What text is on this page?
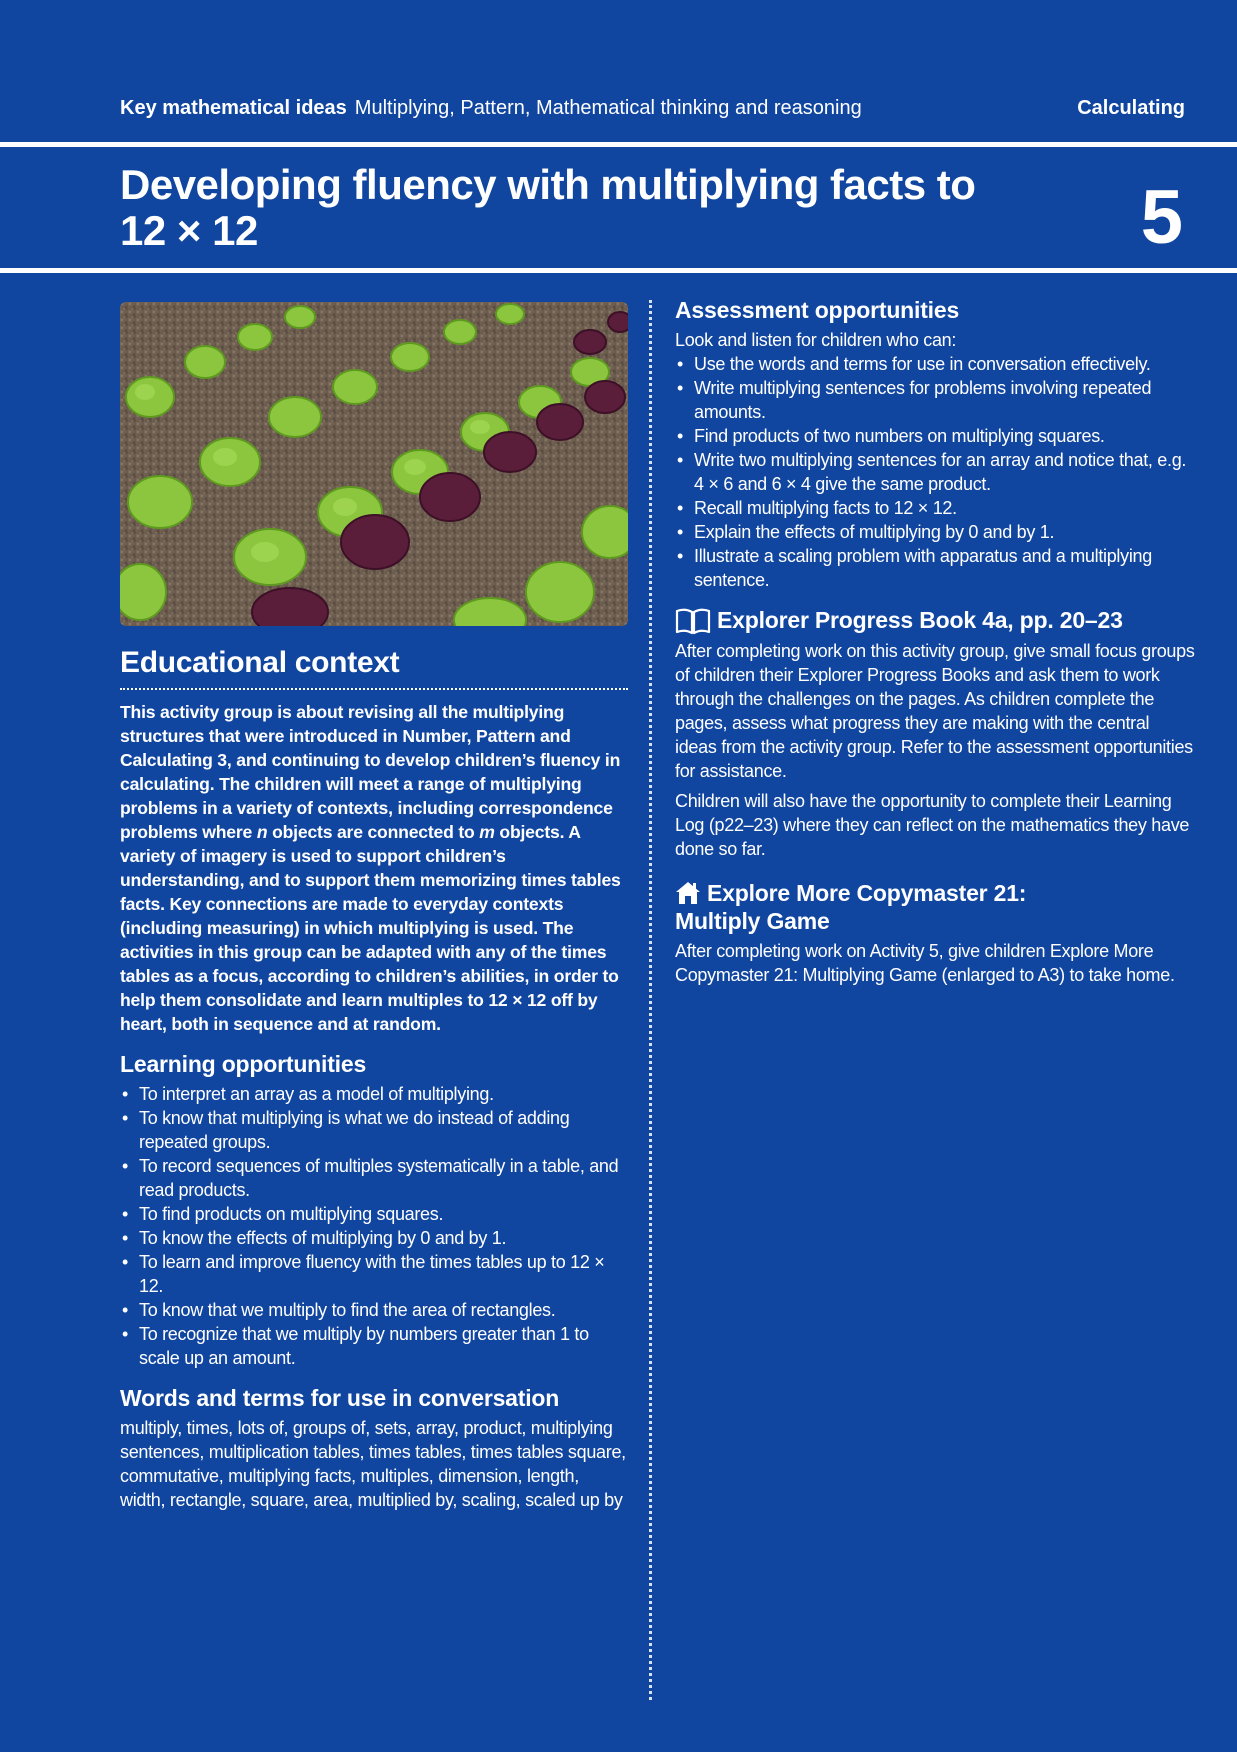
Key mathematical ideas Multiplying, Pattern, Mathematical thinking and reasoning	Calculating
Developing fluency with multiplying facts to
12 × 12	5
Educational context

This activity group is about revising all the multiplying structures that were introduced in Number, Pattern and Calculating 3, and continuing to develop children’s fluency in calculating. The children will meet a range of multiplying problems in a variety of contexts, including correspondence problems where n objects are connected to m objects. A variety of imagery is used to support children’s understanding, and to support them memorizing times tables facts. Key connections are made to everyday contexts (including measuring) in which multiplying is used. The activities in this group can be adapted with any of the times tables as a focus, according to children’s abilities, in order to help them consolidate and learn multiples to 12 × 12 off by heart, both in sequence and at random.

Learning opportunities
• To interpret an array as a model of multiplying.
• To know that multiplying is what we do instead of adding repeated groups.
• To record sequences of multiples systematically in a table, and read products.
• To find products on multiplying squares.
• To know the effects of multiplying by 0 and by 1.
• To learn and improve fluency with the times tables up to 12 × 12.
• To know that we multiply to find the area of rectangles.
• To recognize that we multiply by numbers greater than 1 to scale up an amount.
Words and terms for use in conversation

multiply, times, lots of, groups of, sets, array, product, multiplying sentences, multiplication tables, times tables, times tables square, commutative, multiplying facts, multiples, dimension, length, width, rectangle, square, area, multiplied by, scaling, scaled up by

Assessment opportunities

Look and listen for children who can:

• Use the words and terms for use in conversation effectively.
• Write multiplying sentences for problems involving repeated amounts.
• Find products of two numbers on multiplying squares.
• Write two multiplying sentences for an array and notice that, e.g. 4 × 6 and 6 × 4 give the same product.
• Recall multiplying facts to 12 × 12.
• Explain the effects of multiplying by 0 and by 1.
• Illustrate a scaling problem with apparatus and a multiplying sentence.
Explorer Progress Book 4a, pp. 20–23

After completing work on this activity group, give small focus groups of children their Explorer Progress Books and ask them to work through the challenges on the pages. As children complete the pages, assess what progress they are making with the central ideas from the activity group. Refer to the assessment opportunities for assistance.

Children will also have the opportunity to complete their Learning Log (p22–23) where they can reflect on the mathematics they have done so far.

Explore More Copymaster 21:
Multiply Game

After completing work on Activity 5, give children Explore More Copymaster 21: Multiplying Game (enlarged to A3) to take home.
